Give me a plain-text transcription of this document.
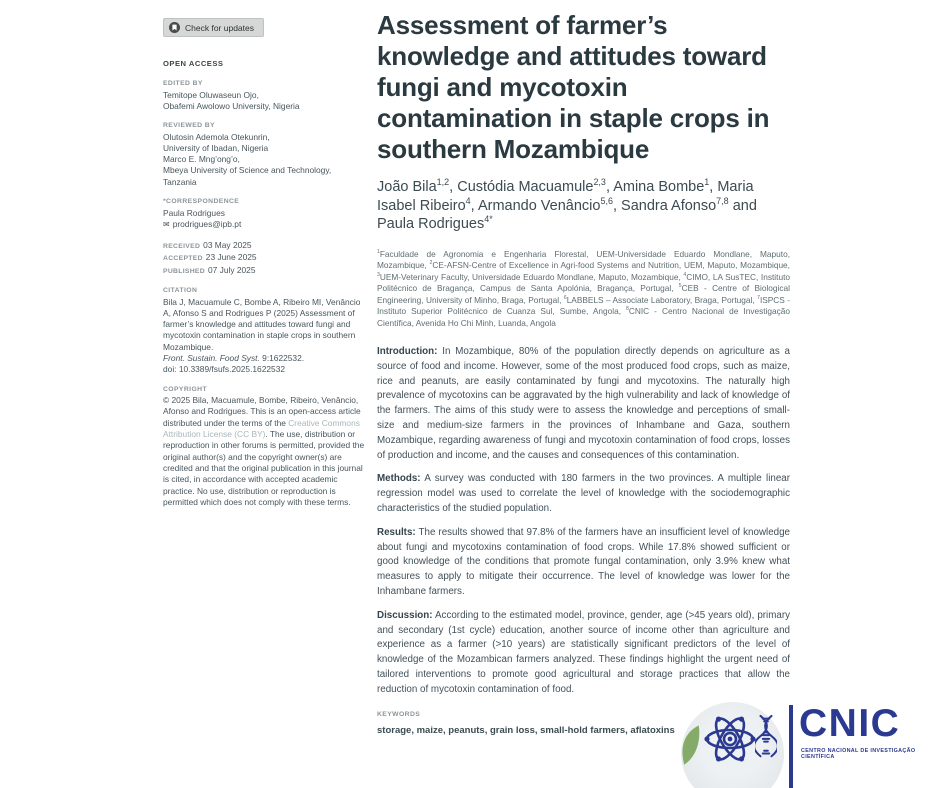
Check for updates
OPEN ACCESS
EDITED BY
Temitope Oluwaseun Ojo,
Obafemi Awolowo University, Nigeria
REVIEWED BY
Olutosin Ademola Otekunrin,
University of Ibadan, Nigeria
Marco E. Mng’ong’o,
Mbeya University of Science and Technology,
Tanzania
*CORRESPONDENCE
Paula Rodrigues
✉ prodrigues@ipb.pt
RECEIVED 03 May 2025
ACCEPTED 23 June 2025
PUBLISHED 07 July 2025
CITATION
Bila J, Macuamule C, Bombe A, Ribeiro MI, Venâncio A, Afonso S and Rodrigues P (2025) Assessment of farmer’s knowledge and attitudes toward fungi and mycotoxin contamination in staple crops in southern Mozambique.
Front. Sustain. Food Syst. 9:1622532.
doi: 10.3389/fsufs.2025.1622532
COPYRIGHT
© 2025 Bila, Macuamule, Bombe, Ribeiro, Venâncio, Afonso and Rodrigues. This is an open-access article distributed under the terms of the Creative Commons Attribution License (CC BY). The use, distribution or reproduction in other forums is permitted, provided the original author(s) and the copyright owner(s) are credited and that the original publication in this journal is cited, in accordance with accepted academic practice. No use, distribution or reproduction is permitted which does not comply with these terms.
Assessment of farmer’s knowledge and attitudes toward fungi and mycotoxin contamination in staple crops in southern Mozambique
João Bila$^{1,2}$, Custódia Macuamule$^{2,3}$, Amina Bombe$^1$, Maria Isabel Ribeiro$^4$, Armando Venâncio$^{5,6}$, Sandra Afonso$^{7,8}$ and Paula Rodrigues$^{4*}$

$^1$Faculdade de Agronomia e Engenharia Florestal, UEM-Universidade Eduardo Mondlane, Maputo, Mozambique, $^2$CE-AFSN-Centre of Excellence in Agri-food Systems and Nutrition, UEM, Maputo, Mozambique, $^3$UEM-Veterinary Faculty, Universidade Eduardo Mondlane, Maputo, Mozambique, $^4$CIMO, LA SusTEC, Instituto Politécnico de Bragança, Campus de Santa Apolónia, Bragança, Portugal, $^5$CEB - Centre of Biological Engineering, University of Minho, Braga, Portugal, $^6$LABBELS – Associate Laboratory, Braga, Portugal, $^7$ISPCS - Instituto Superior Politécnico de Cuanza Sul, Sumbe, Angola, $^8$CNIC - Centro Nacional de Investigação Científica, Avenida Ho Chi Minh, Luanda, Angola

Introduction: In Mozambique, 80% of the population directly depends on agriculture as a source of food and income. However, some of the most produced food crops, such as maize, rice and peanuts, are easily contaminated by fungi and mycotoxins. The naturally high prevalence of mycotoxins can be aggravated by the high vulnerability and lack of knowledge of the farmers. The aims of this study were to assess the knowledge and perceptions of small-size and medium-size farmers in the provinces of Inhambane and Gaza, southern Mozambique, regarding awareness of fungi and mycotoxin contamination of food crops, losses of production and income, and the causes and consequences of this contamination.

Methods: A survey was conducted with 180 farmers in the two provinces. A multiple linear regression model was used to correlate the level of knowledge with the sociodemographic characteristics of the studied population.

Results: The results showed that 97.8% of the farmers have an insufficient level of knowledge about fungi and mycotoxins contamination of food crops. While 17.8% showed sufficient or good knowledge of the conditions that promote fungal contamination, only 3.9% knew what measures to apply to mitigate their occurrence. The level of knowledge was lower for the Inhambane farmers.

Discussion: According to the estimated model, province, gender, age (>45 years old), primary and secondary (1st cycle) education, another source of income other than agriculture and experience as a farmer (>10 years) are statistically significant predictors of the level of knowledge of the Mozambican farmers analyzed. These findings highlight the urgent need of tailored interventions to promote good agricultural and storage practices that allow the reduction of mycotoxin contamination of food.

KEYWORDS
storage, maize, peanuts, grain loss, small-hold farmers, aflatoxins	CNIC
CENTRO NACIONAL DE INVESTIGAÇÃO CIENTÍFICA
